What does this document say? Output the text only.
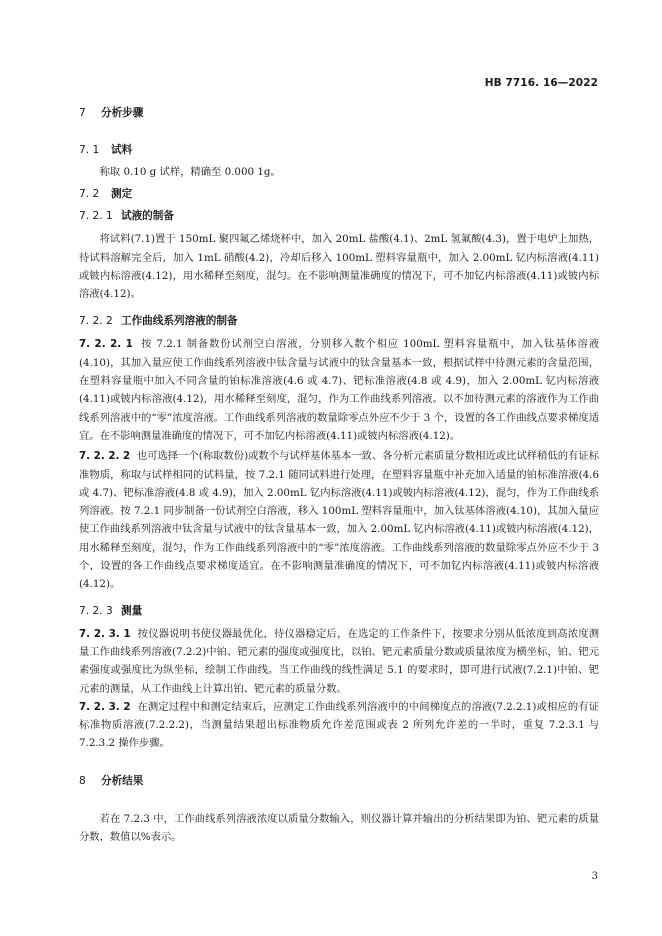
HB 7716. 16—2022
7 分析步骤
7. 1 试料

称取 0.10 g 试样，精确至 0.000 1g。

7. 2 测定
7. 2. 1 试液的制备

将试料(7.1)置于 150mL 聚四氟乙烯烧杯中，加入 20mL 盐酸(4.1)、2mL 氢氟酸(4.3)，置于电炉上加热，待试料溶解完全后，加入 1mL 硝酸(4.2)，冷却后移入 100mL 塑料容量瓶中，加入 2.00mL 钇内标溶液(4.11)或铍内标溶液(4.12)，用水稀释至刻度，混匀。在不影响测量准确度的情况下，可不加钇内标溶液(4.11)或铍内标溶液(4.12)。

7. 2. 2 工作曲线系列溶液的制备

7. 2. 2. 1 按 7.2.1 制备数份试剂空白溶液，分别移入数个相应 100mL 塑料容量瓶中，加入钛基体溶液(4.10)，其加入量应使工作曲线系列溶液中钛含量与试液中的钛含量基本一致，根据试样中待测元素的含量范围，在塑料容量瓶中加入不同含量的铂标准溶液(4.6 或 4.7)、钯标准溶液(4.8 或 4.9)，加入 2.00mL 钇内标溶液(4.11)或铍内标溶液(4.12)，用水稀释至刻度，混匀，作为工作曲线系列溶液。以不加待测元素的溶液作为工作曲线系列溶液中的“零”浓度溶液。工作曲线系列溶液的数量除零点外应不少于 3 个，设置的各工作曲线点要求梯度适宜。在不影响测量准确度的情况下，可不加钇内标溶液(4.11)或铍内标溶液(4.12)。

7. 2. 2. 2 也可选择一个(称取数份)或数个与试样基体基本一致、各分析元素质量分数相近或比试样稍低的有证标准物质，称取与试样相同的试料量，按 7.2.1 随同试料进行处理，在塑料容量瓶中补充加入适量的铂标准溶液(4.6 或 4.7)、钯标准溶液(4.8 或 4.9)，加入 2.00mL 钇内标溶液(4.11)或铍内标溶液(4.12)，混匀，作为工作曲线系列溶液。按 7.2.1 同步制备一份试剂空白溶液，移入 100mL 塑料容量瓶中，加入钛基体溶液(4.10)，其加入量应使工作曲线系列溶液中钛含量与试液中的钛含量基本一致，加入 2.00mL 钇内标溶液(4.11)或铍内标溶液(4.12)，用水稀释至刻度，混匀，作为工作曲线系列溶液中的“零”浓度溶液。工作曲线系列溶液的数量除零点外应不少于 3 个，设置的各工作曲线点要求梯度适宜。在不影响测量准确度的情况下，可不加钇内标溶液(4.11)或铍内标溶液(4.12)。

7. 2. 3 测量

7. 2. 3. 1 按仪器说明书使仪器最优化，待仪器稳定后，在选定的工作条件下，按要求分别从低浓度到高浓度测量工作曲线系列溶液(7.2.2)中铂、钯元素的强度或强度比，以铂、钯元素质量分数或质量浓度为横坐标，铂、钯元素强度或强度比为纵坐标，绘制工作曲线。当工作曲线的线性满足 5.1 的要求时，即可进行试液(7.2.1)中铂、钯元素的测量，从工作曲线上计算出铂、钯元素的质量分数。

7. 2. 3. 2 在测定过程中和测定结束后，应测定工作曲线系列溶液中的中间梯度点的溶液(7.2.2.1)或相应的有证标准物质溶液(7.2.2.2)，当测量结果超出标准物质允许差范围或表 2 所列允许差的一半时，重复 7.2.3.1 与 7.2.3.2 操作步骤。

8 分析结果

若在 7.2.3 中，工作曲线系列溶液浓度以质量分数输入，则仪器计算并输出的分析结果即为铂、钯元素的质量分数，数值以%表示。

3
